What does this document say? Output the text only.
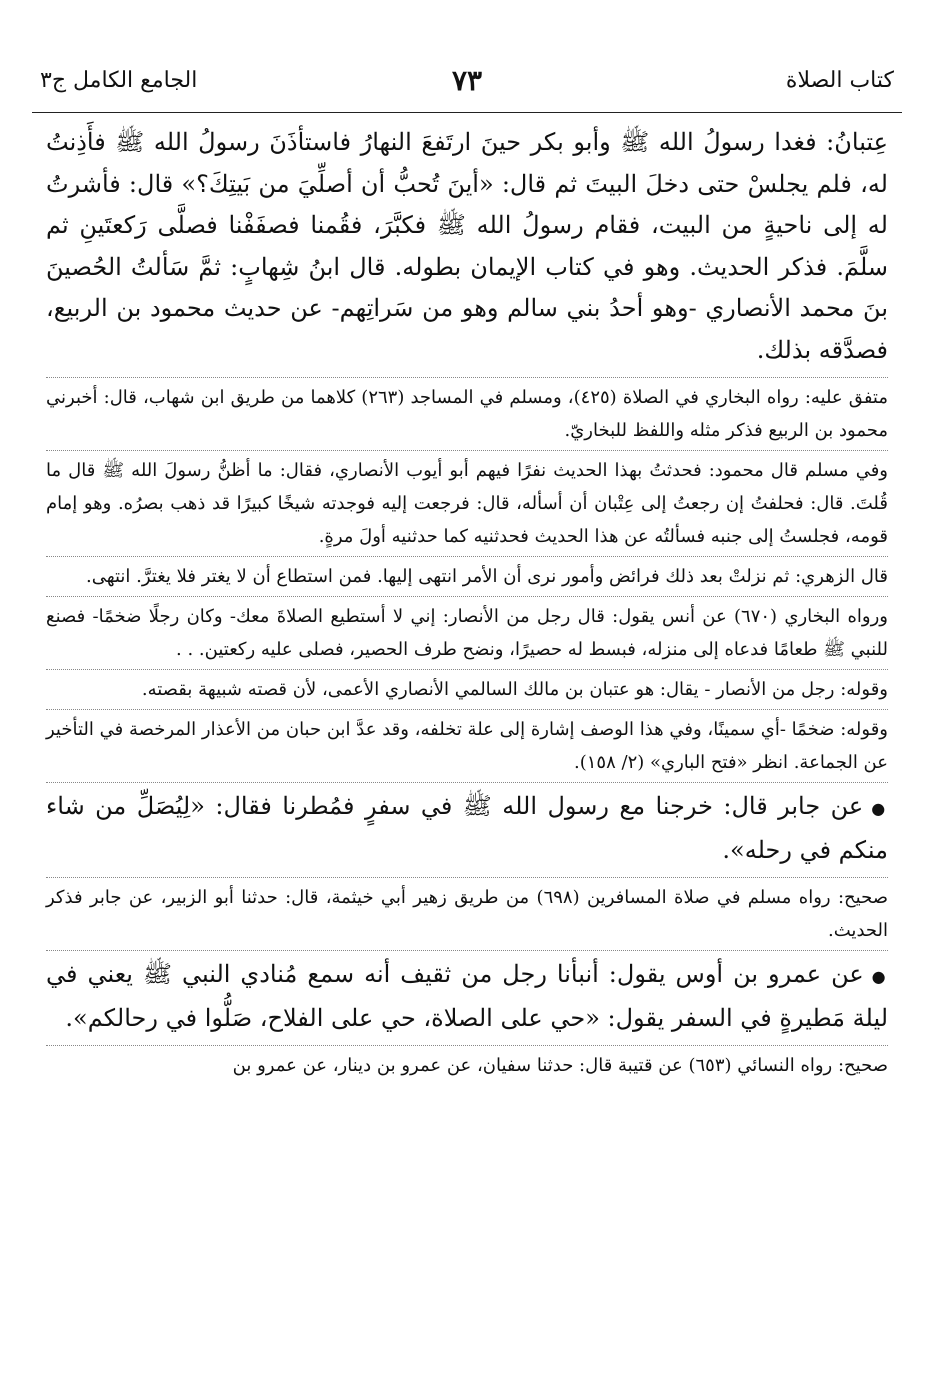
كتاب الصلاة
٧٣
الجامع الكامل ج٣

عِتبانُ: فغدا رسولُ الله ﷺ وأبو بكر حينَ ارتَفعَ النهارُ فاستأذَنَ رسولُ الله ﷺ فأَذِنتُ له، فلم يجلسْ حتى دخلَ البيتَ ثم قال: «أينَ تُحبُّ أن أصلِّيَ من بَيتِكَ؟» قال: فأشرتُ له إلى ناحيةٍ من البيت، فقام رسولُ الله ﷺ فكبَّرَ، فقُمنا فصفَفْنا فصلَّى رَكعتَينِ ثم سلَّمَ. فذكر الحديث. وهو في كتاب الإيمان بطوله. قال ابنُ شِهابٍ: ثمَّ سَألتُ الحُصينَ بنَ محمد الأنصاري -وهو أحدُ بني سالم وهو من سَراتِهم- عن حديث محمود بن الربيع، فصدَّقه بذلك.

متفق عليه: رواه البخاري في الصلاة (٤٢٥)، ومسلم في المساجد (٢٦٣) كلاهما من طريق ابن شهاب، قال: أخبرني محمود بن الربيع فذكر مثله واللفظ للبخاريّ.

وفي مسلم قال محمود: فحدثتُ بهذا الحديث نفرًا فيهم أبو أيوب الأنصاري، فقال: ما أظنُّ رسولَ الله ﷺ قال ما قُلتَ. قال: فحلفتُ إن رجعتُ إلى عِتْبان أن أسأله، قال: فرجعت إليه فوجدته شيخًا كبيرًا قد ذهب بصرُه. وهو إمام قومه، فجلستُ إلى جنبه فسألتُه عن هذا الحديث فحدثنيه كما حدثنيه أولَ مرةٍ.

قال الزهري: ثم نزلتْ بعد ذلك فرائض وأمور نرى أن الأمر انتهى إليها. فمن استطاع أن لا يغتر فلا يغترَّ. انتهى.

ورواه البخاري (٦٧٠) عن أنس يقول: قال رجل من الأنصار: إني لا أستطيع الصلاةَ معك- وكان رجلًا ضخمًا- فصنع للنبي ﷺ طعامًا فدعاه إلى منزله، فبسط له حصيرًا، ونضح طرف الحصير، فصلى عليه ركعتين. . .

وقوله: رجل من الأنصار - يقال: هو عتبان بن مالك السالمي الأنصاري الأعمى، لأن قصته شبيهة بقصته.

وقوله: ضخمًا -أي سمينًا، وفي هذا الوصف إشارة إلى علة تخلفه، وقد عدَّ ابن حبان من الأعذار المرخصة في التأخير عن الجماعة. انظر «فتح الباري» (٢/ ١٥٨).

●عن جابر قال: خرجنا مع رسول الله ﷺ في سفرٍ فمُطرنا فقال: «لِيُصَلِّ من شاء منكم في رحله».

صحيح: رواه مسلم في صلاة المسافرين (٦٩٨) من طريق زهير أبي خيثمة، قال: حدثنا أبو الزبير، عن جابر فذكر الحديث.

●عن عمرو بن أوس يقول: أنبأنا رجل من ثقيف أنه سمع مُنادي النبي ﷺ يعني في ليلة مَطيرةٍ في السفر يقول: «حي على الصلاة، حي على الفلاح، صَلُّوا في رحالكم».

صحيح: رواه النسائي (٦٥٣) عن قتيبة قال: حدثنا سفيان، عن عمرو بن دينار، عن عمرو بن
